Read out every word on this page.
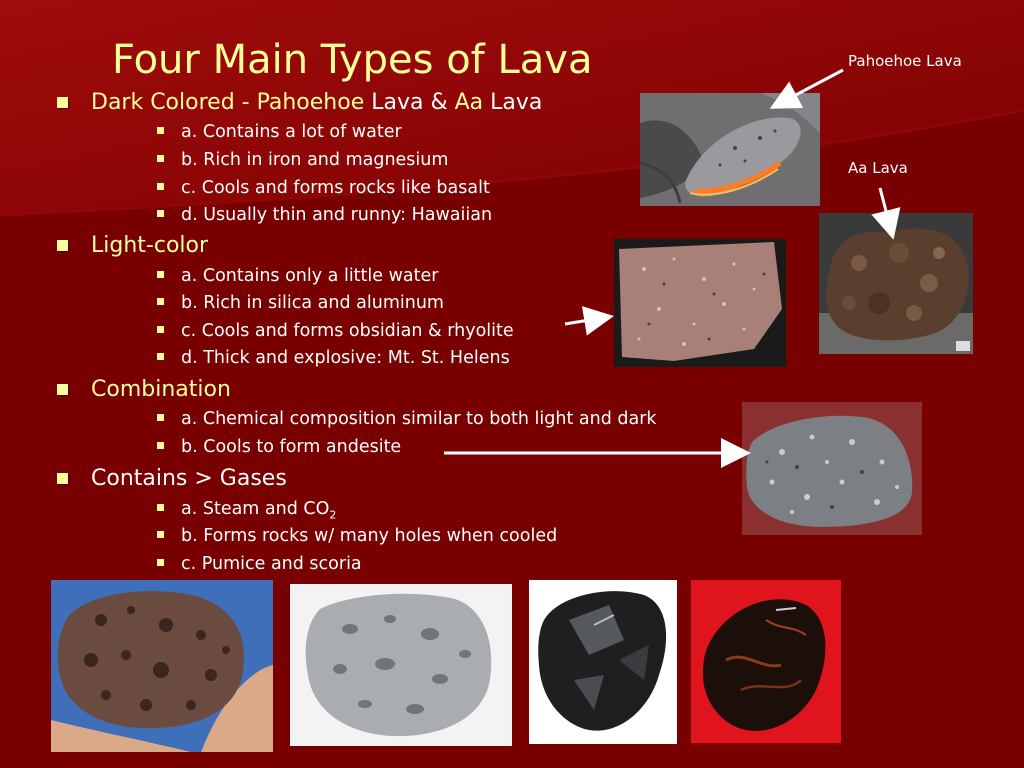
Four Main Types of Lava
Dark Colored - Pahoehoe Lava & Aa Lava
a. Contains a lot of water
b. Rich in iron and magnesium
c. Cools and forms rocks like basalt
d. Usually thin and runny: Hawaiian
Light-color
a. Contains only a little water
b. Rich in silica and aluminum
c. Cools and forms obsidian & rhyolite
d. Thick and explosive: Mt. St. Helens
Combination
a. Chemical composition similar to both light and dark
b. Cools to form andesite
Contains > Gases
a. Steam and $CO_2$
b. Forms rocks w/ many holes when cooled
c. Pumice and scoria
Pahoehoe Lava
Aa Lava
